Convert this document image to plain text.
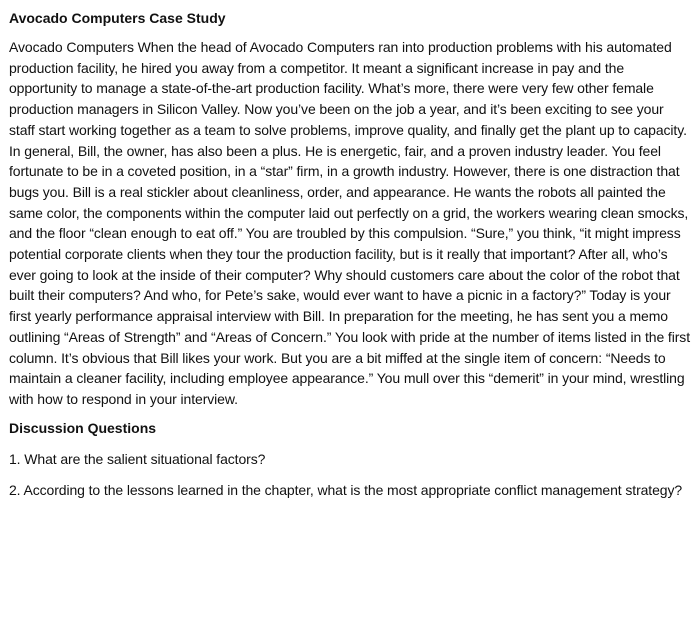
Avocado Computers Case Study

Avocado Computers When the head of Avocado Computers ran into production problems with his automated production facility, he hired you away from a competitor. It meant a significant increase in pay and the opportunity to manage a state-of-the-art production facility. What’s more, there were very few other female production managers in Silicon Valley. Now you’ve been on the job a year, and it’s been exciting to see your staff start working together as a team to solve problems, improve quality, and finally get the plant up to capacity. In general, Bill, the owner, has also been a plus. He is energetic, fair, and a proven industry leader. You feel fortunate to be in a coveted position, in a “star” firm, in a growth industry. However, there is one distraction that bugs you. Bill is a real stickler about cleanliness, order, and appearance. He wants the robots all painted the same color, the components within the computer laid out perfectly on a grid, the workers wearing clean smocks, and the floor “clean enough to eat off.” You are troubled by this compulsion. “Sure,” you think, “it might impress potential corporate clients when they tour the production facility, but is it really that important? After all, who’s ever going to look at the inside of their computer? Why should customers care about the color of the robot that built their computers? And who, for Pete’s sake, would ever want to have a picnic in a factory?” Today is your first yearly performance appraisal interview with Bill. In preparation for the meeting, he has sent you a memo outlining “Areas of Strength” and “Areas of Concern.” You look with pride at the number of items listed in the first column. It’s obvious that Bill likes your work. But you are a bit miffed at the single item of concern: “Needs to maintain a cleaner facility, including employee appearance.” You mull over this “demerit” in your mind, wrestling with how to respond in your interview.

Discussion Questions

1. What are the salient situational factors?

2. According to the lessons learned in the chapter, what is the most appropriate conflict management strategy?
